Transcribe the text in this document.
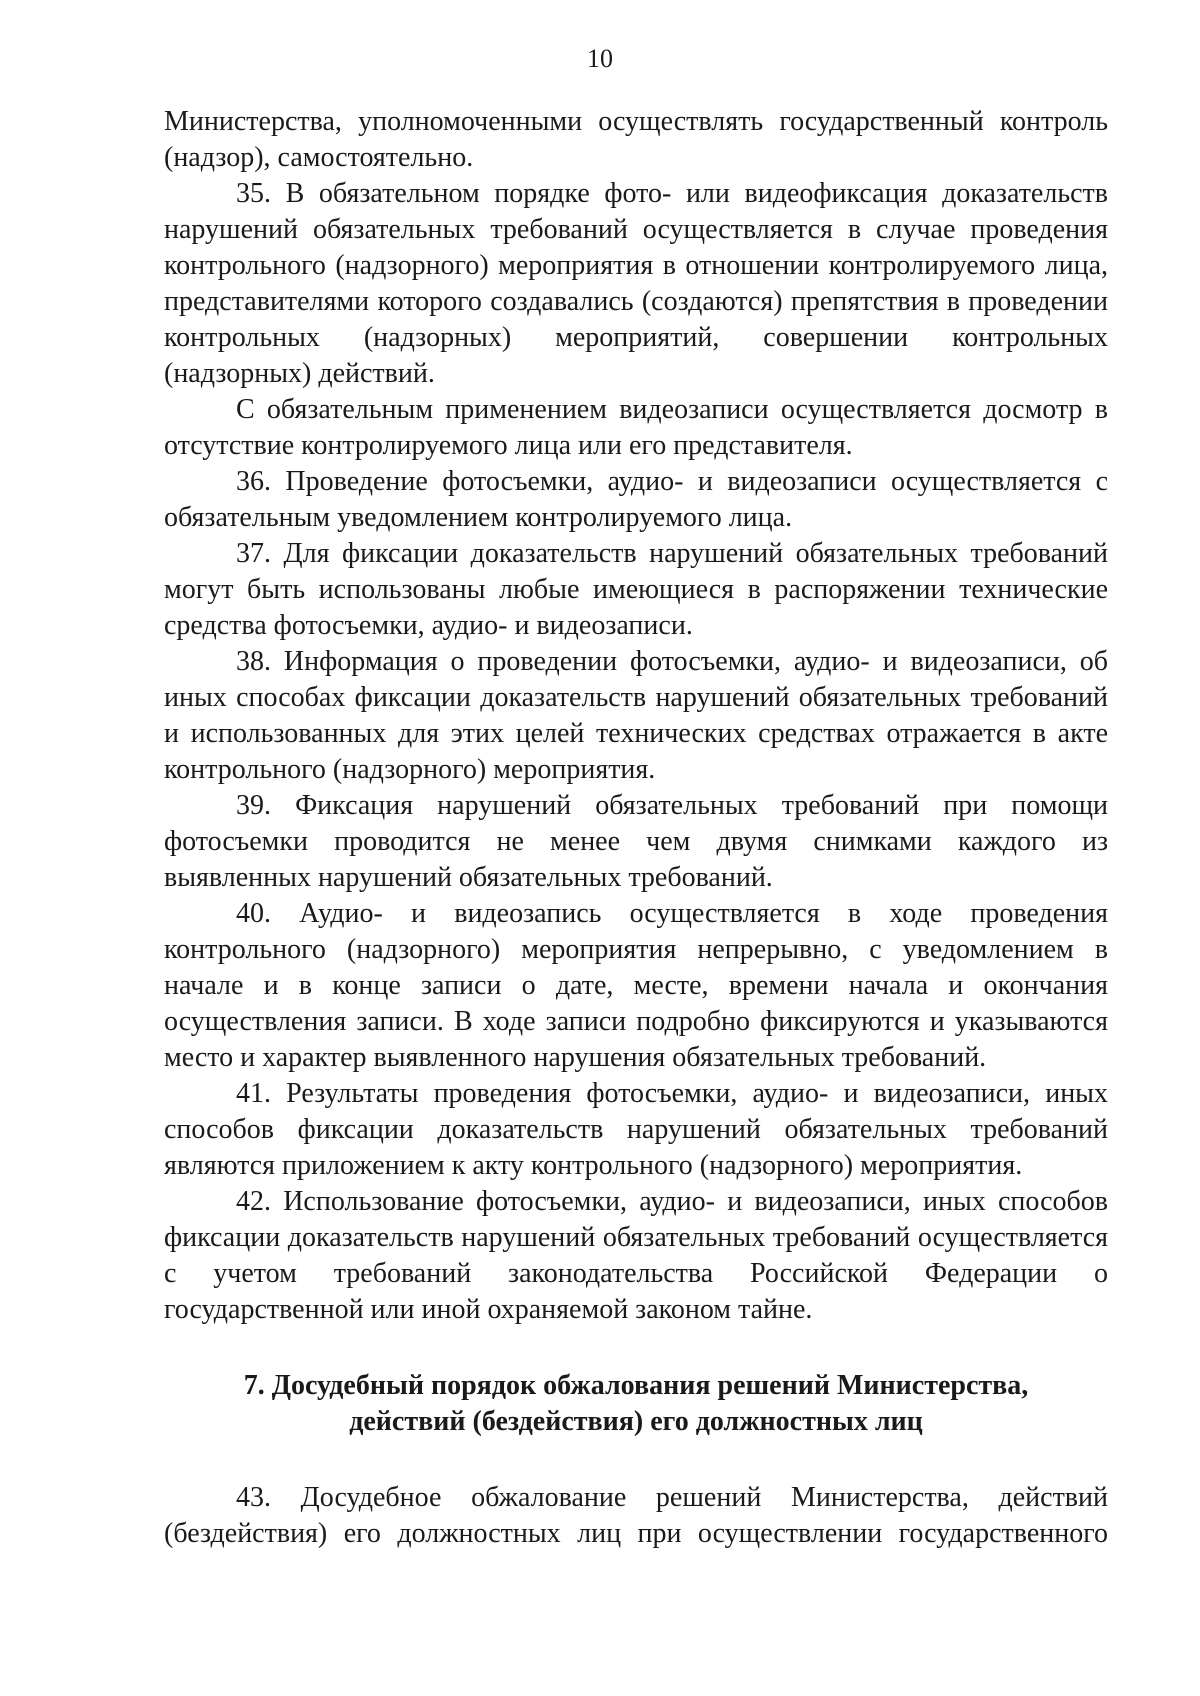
10

Министерства, уполномоченными осуществлять государственный контроль (надзор), самостоятельно.

35. В обязательном порядке фото- или видеофиксация доказательств нарушений обязательных требований осуществляется в случае проведения контрольного (надзорного) мероприятия в отношении контролируемого лица, представителями которого создавались (создаются) препятствия в проведении контрольных (надзорных) мероприятий, совершении контрольных (надзорных) действий.

С обязательным применением видеозаписи осуществляется досмотр в отсутствие контролируемого лица или его представителя.

36. Проведение фотосъемки, аудио- и видеозаписи осуществляется с обязательным уведомлением контролируемого лица.

37. Для фиксации доказательств нарушений обязательных требований могут быть использованы любые имеющиеся в распоряжении технические средства фотосъемки, аудио- и видеозаписи.

38. Информация о проведении фотосъемки, аудио- и видеозаписи, об иных способах фиксации доказательств нарушений обязательных требований и использованных для этих целей технических средствах отражается в акте контрольного (надзорного) мероприятия.

39. Фиксация нарушений обязательных требований при помощи фотосъемки проводится не менее чем двумя снимками каждого из выявленных нарушений обязательных требований.

40. Аудио- и видеозапись осуществляется в ходе проведения контрольного (надзорного) мероприятия непрерывно, с уведомлением в начале и в конце записи о дате, месте, времени начала и окончания осуществления записи. В ходе записи подробно фиксируются и указываются место и характер выявленного нарушения обязательных требований.

41. Результаты проведения фотосъемки, аудио- и видеозаписи, иных способов фиксации доказательств нарушений обязательных требований являются приложением к акту контрольного (надзорного) мероприятия.

42. Использование фотосъемки, аудио- и видеозаписи, иных способов фиксации доказательств нарушений обязательных требований осуществляется с учетом требований законодательства Российской Федерации о государственной или иной охраняемой законом тайне.

7. Досудебный порядок обжалования решений Министерства,
действий (бездействия) его должностных лиц

43. Досудебное обжалование решений Министерства, действий (бездействия) его должностных лиц при осуществлении государственного
